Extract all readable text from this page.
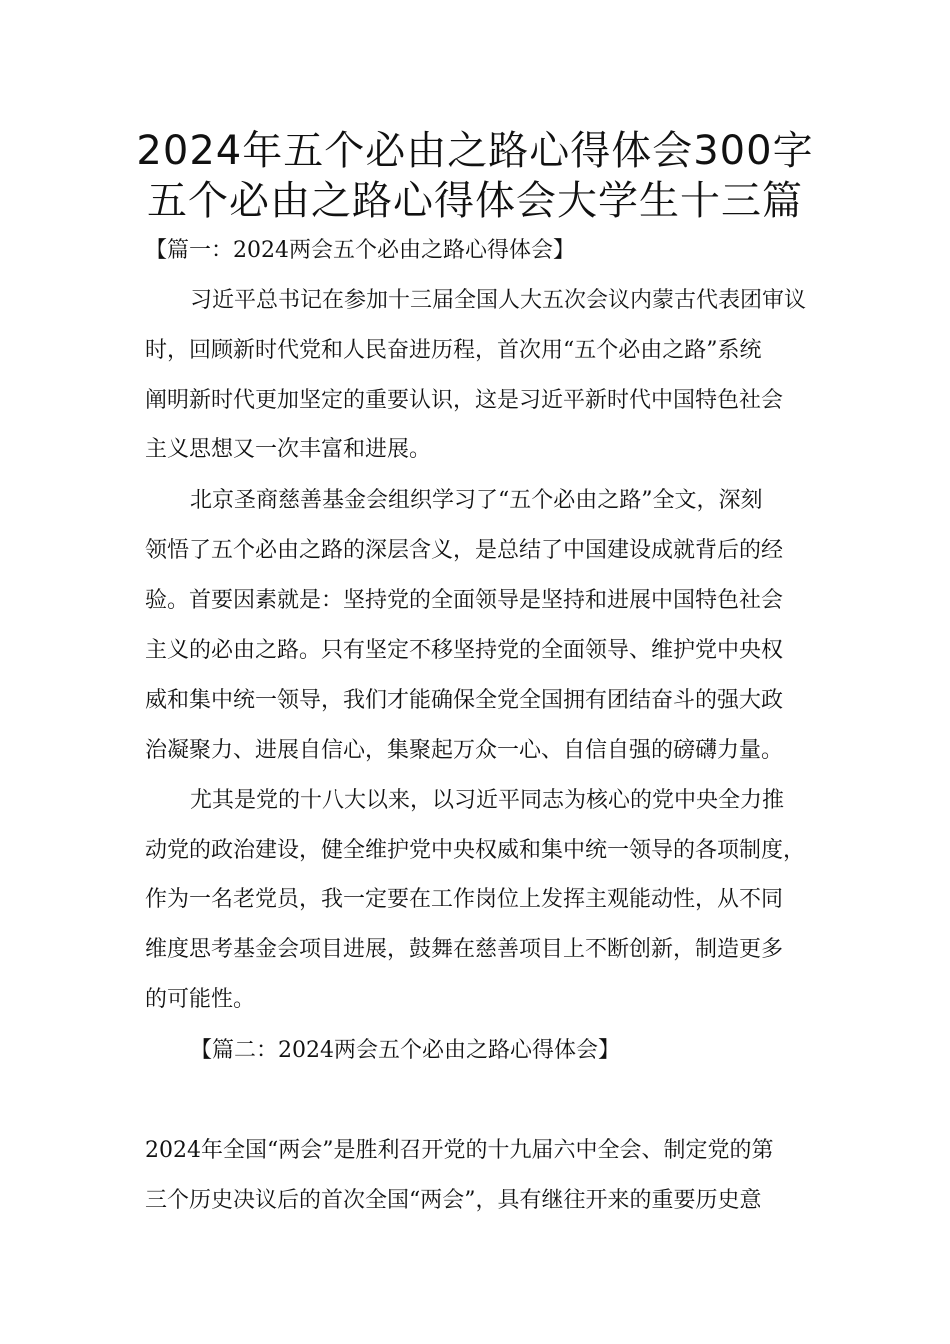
2024年五个必由之路心得体会300字
五个必由之路心得体会大学生十三篇
【篇一：2024两会五个必由之路心得体会】
习近平总书记在参加十三届全国人大五次会议内蒙古代表团审议
时，回顾新时代党和人民奋进历程，首次用“五个必由之路”系统
阐明新时代更加坚定的重要认识，这是习近平新时代中国特色社会
主义思想又一次丰富和进展。
北京圣商慈善基金会组织学习了“五个必由之路”全文，深刻
领悟了五个必由之路的深层含义，是总结了中国建设成就背后的经
验。首要因素就是：坚持党的全面领导是坚持和进展中国特色社会
主义的必由之路。只有坚定不移坚持党的全面领导、维护党中央权
威和集中统一领导，我们才能确保全党全国拥有团结奋斗的强大政
治凝聚力、进展自信心，集聚起万众一心、自信自强的磅礴力量。
尤其是党的十八大以来，以习近平同志为核心的党中央全力推
动党的政治建设，健全维护党中央权威和集中统一领导的各项制度，
作为一名老党员，我一定要在工作岗位上发挥主观能动性，从不同
维度思考基金会项目进展，鼓舞在慈善项目上不断创新，制造更多
的可能性。
【篇二：2024两会五个必由之路心得体会】
2024年全国“两会”是胜利召开党的十九届六中全会、制定党的第
三个历史决议后的首次全国“两会”，具有继往开来的重要历史意
